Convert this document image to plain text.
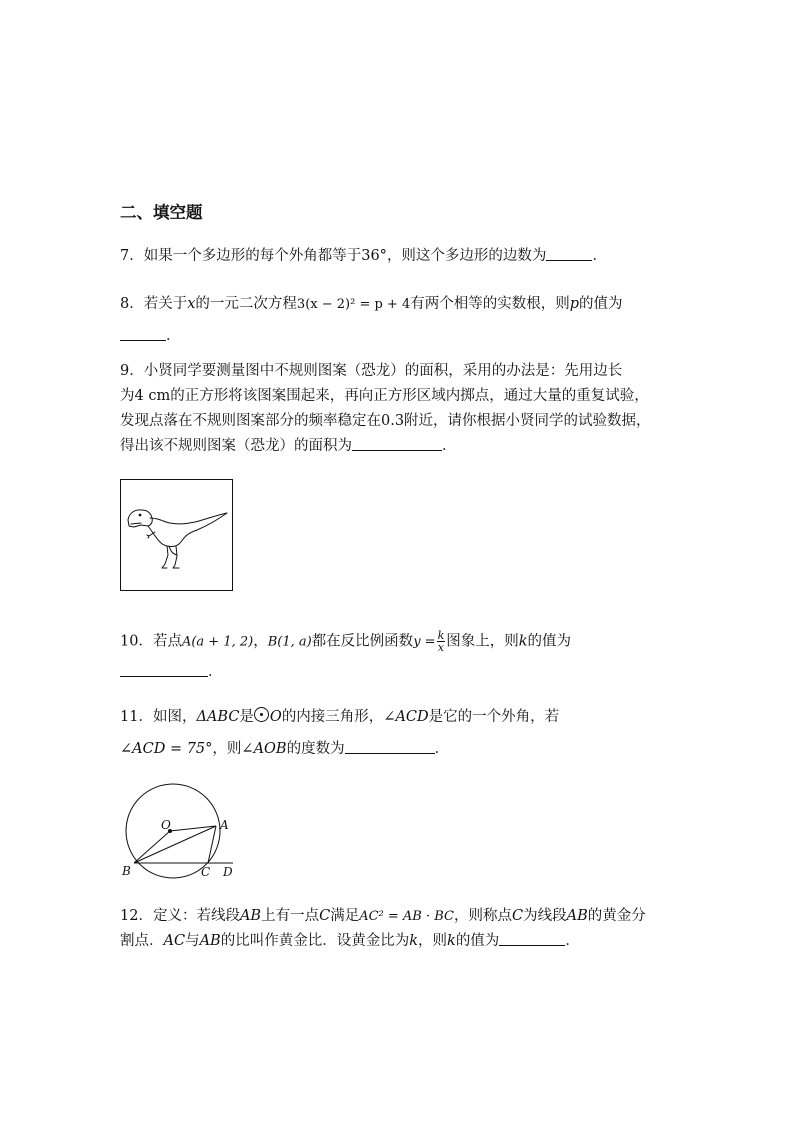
二、填空题
7．如果一个多边形的每个外角都等于36°，则这个多边形的边数为	．
8．若关于x的一元二次方程3(x − 2)² = p + 4有两个相等的实数根，则p的值为
．
9．小贤同学要测量图中不规则图案（恐龙）的面积，采用的办法是：先用边长
为4 cm的正方形将该图案围起来，再向正方形区域内掷点，通过大量的重复试验，
发现点落在不规则图案部分的频率稳定在0.3附近，请你根据小贤同学的试验数据，
得出该不规则图案（恐龙）的面积为	．
10．若点A(a + 1, 2)，B(1, a)都在反比例函数$y = \frac{k}{x}$ 图象上，则k的值为
．
11．如图，ΔABC是 O的内接三角形，∠ACD是它的一个外角，若
∠ACD = 75°，则∠AOB的度数为	．
O	A
B	C D
12．定义：若线段AB上有一点C满足AC² = AB · BC，则称点C为线段AB的黄金分
割点．AC与AB的比叫作黄金比．设黄金比为k，则k的值为	．
